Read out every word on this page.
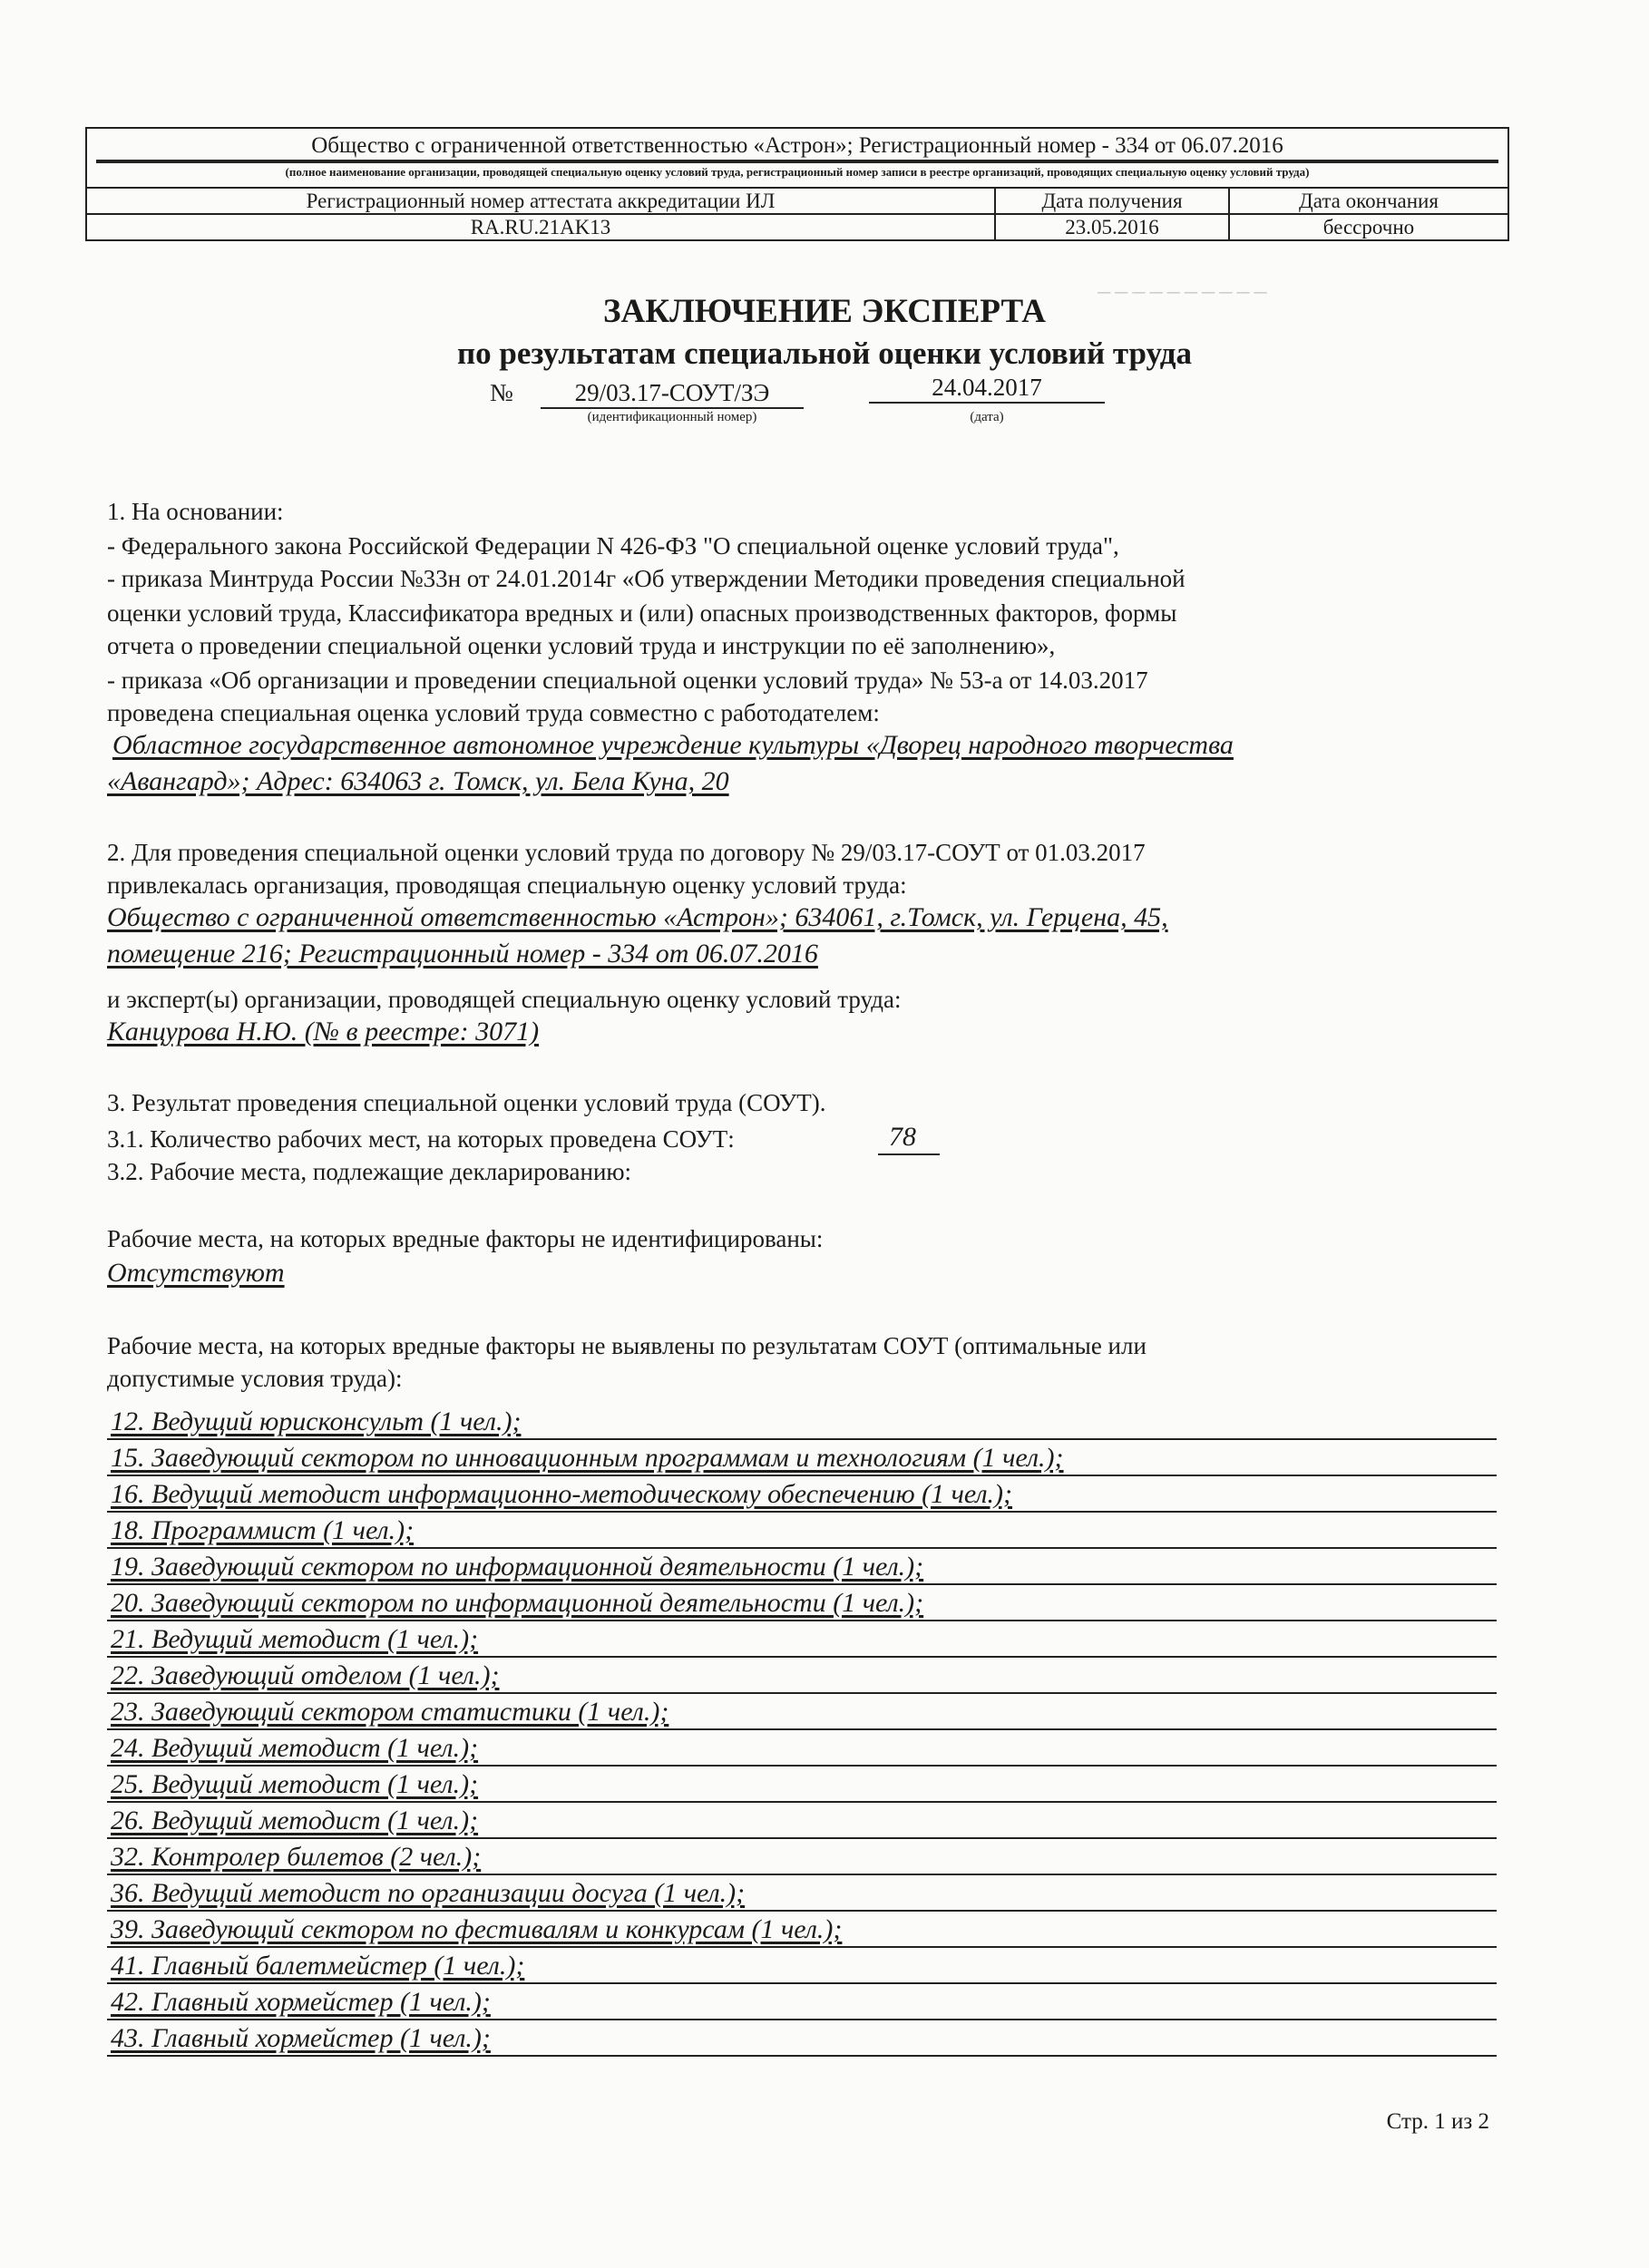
─ ─ ─ ─ ─ ─ ─ ─ ─ ─
Общество с ограниченной ответственностью «Астрон»; Регистрационный номер - 334 от 06.07.2016
(полное наименование организации, проводящей специальную оценку условий труда, регистрационный номер записи в реестре организаций, проводящих специальную оценку условий труда)
Регистрационный номер аттестата аккредитации ИЛ	Дата получения	Дата окончания
RA.RU.21AK13	23.05.2016	бессрочно
ЗАКЛЮЧЕНИЕ ЭКСПЕРТА
по результатам специальной оценки условий труда
№	29/03.17-СОУТ/ЗЭ
(идентификационный номер)
24.04.2017
(дата)
1. На основании:
- Федерального закона Российской Федерации N 426-ФЗ "О специальной оценке условий труда",
- приказа Минтруда России №33н от 24.01.2014г «Об утверждении Методики проведения специальной
оценки условий труда, Классификатора вредных и (или) опасных производственных факторов, формы
отчета о проведении специальной оценки условий труда и инструкции по её заполнению»,
- приказа «Об организации и проведении специальной оценки условий труда» № 53-а от 14.03.2017
проведена специальная оценка условий труда совместно с работодателем:
Областное государственное автономное учреждение культуры «Дворец народного творчества
«Авангард»; Адрес: 634063 г. Томск, ул. Бела Куна, 20
2. Для проведения специальной оценки условий труда по договору № 29/03.17-СОУТ от 01.03.2017
привлекалась организация, проводящая специальную оценку условий труда:
Общество с ограниченной ответственностью «Астрон»; 634061, г.Томск, ул. Герцена, 45,
помещение 216; Регистрационный номер - 334 от 06.07.2016
и эксперт(ы) организации, проводящей специальную оценку условий труда:
Канцурова Н.Ю. (№ в реестре: 3071)
3. Результат проведения специальной оценки условий труда (СОУТ).
3.1. Количество рабочих мест, на которых проведена СОУТ:	78
3.2. Рабочие места, подлежащие декларированию:
Рабочие места, на которых вредные факторы не идентифицированы:
Отсутствуют
Рабочие места, на которых вредные факторы не выявлены по результатам СОУТ (оптимальные или
допустимые условия труда):
12. Ведущий юрисконсульт (1 чел.);
15. Заведующий сектором по инновационным программам и технологиям (1 чел.);
16. Ведущий методист информационно-методическому обеспечению (1 чел.);
18. Программист (1 чел.);
19. Заведующий сектором по информационной деятельности (1 чел.);
20. Заведующий сектором по информационной деятельности (1 чел.);
21. Ведущий методист (1 чел.);
22. Заведующий отделом (1 чел.);
23. Заведующий сектором статистики (1 чел.);
24. Ведущий методист (1 чел.);
25. Ведущий методист (1 чел.);
26. Ведущий методист (1 чел.);
32. Контролер билетов (2 чел.);
36. Ведущий методист по организации досуга (1 чел.);
39. Заведующий сектором по фестивалям и конкурсам (1 чел.);
41. Главный балетмейстер (1 чел.);
42. Главный хормейстер (1 чел.);
43. Главный хормейстер (1 чел.);
Стр. 1 из 2
